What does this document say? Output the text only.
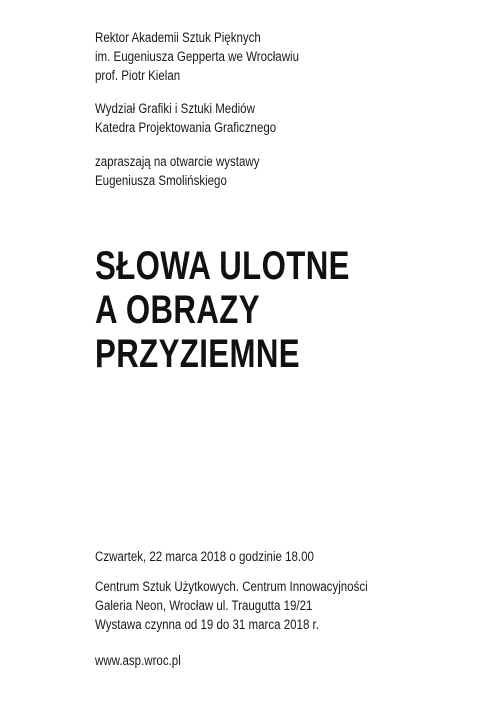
Rektor Akademii Sztuk Pięknych
im. Eugeniusza Gepperta we Wrocławiu
prof. Piotr Kielan
Wydział Grafiki i Sztuki Mediów
Katedra Projektowania Graficznego
zapraszają na otwarcie wystawy
Eugeniusza Smolińskiego
SŁOWA ULOTNE
A OBRAZY
PRZYZIEMNE
Czwartek, 22 marca 2018 o godzinie 18.00
Centrum Sztuk Użytkowych. Centrum Innowacyjności
Galeria Neon, Wrocław ul. Traugutta 19/21
Wystawa czynna od 19 do 31 marca 2018 r.
www.asp.wroc.pl
